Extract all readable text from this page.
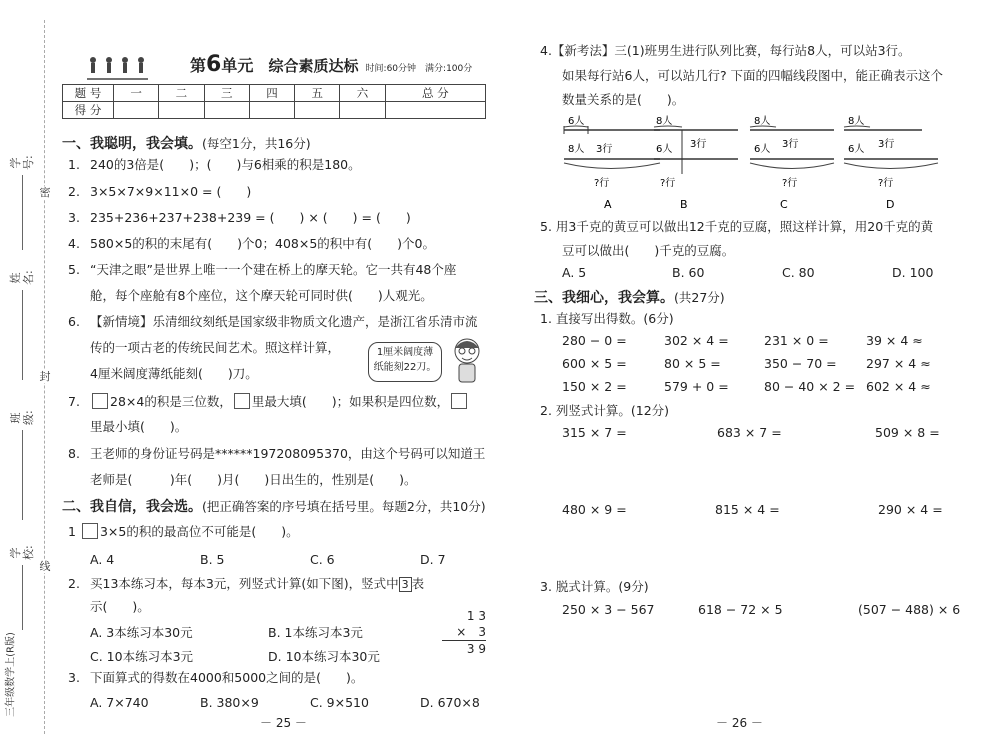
学号:
姓名:
班级:
学校:
密
封
线
三年级数学上(R版)
第6单元 综合素质达标 时间:60分钟　满分:100分
题 号	一	二	三	四	五	六	总 分
得 分							
一、我聪明，我会填。(每空1分，共16分)
1. 240的3倍是(　　)；(　　)与6相乘的积是180。
2. 3×5×7×9×11×0 = (　　)
3. 235+236+237+238+239 = (　　) × (　　) = (　　)
4. 580×5的积的末尾有(　　)个0；408×5的积中有(　　)个0。
5. “天津之眼”是世界上唯一一个建在桥上的摩天轮。它一共有48个座
舱，每个座舱有8个座位，这个摩天轮可同时供(　　)人观光。
6. 【新情境】乐清细纹刻纸是国家级非物质文化遗产，是浙江省乐清市流
传的一项古老的传统民间艺术。照这样计算，
4厘米阔度薄纸能刻(　　)刀。
1厘米阔度薄
纸能刻22刀。
7. 28×4的积是三位数， 里最大填(　　)；如果积是四位数，
里最小填(　　)。
8. 王老师的身份证号码是******197208095370，由这个号码可以知道王
老师是(　　　)年(　　)月(　　)日出生的，性别是(　　)。
二、我自信，我会选。(把正确答案的序号填在括号里。每题2分，共10分)
1 3×5的积的最高位不可能是(　　)。
A. 4	B. 5	C. 6	D. 7
2. 买13本练习本，每本3元，列竖式计算(如下图)，竖式中 3 表
示(　　)。
A. 3本练习本30元	B. 1本练习本3元
C. 10本练习本3元	D. 10本练习本30元
1 3
×　3
3 9
3. 下面算式的得数在4000和5000之间的是(　　)。
A. 7×740	B. 380×9	C. 9×510	D. 670×8
－ 25 －
4.【新考法】三(1)班男生进行队列比赛，每行站8人，可以站3行。
如果每行站6人，可以站几行? 下面的四幅线段图中，能正确表示这个
数量关系的是(　　)。
6人
8人 3行
?行
A
8人
3行
6人
?行
B
8人
3行
6人
?行
C
8人
3行
6人
?行
D
5. 用3千克的黄豆可以做出12千克的豆腐，照这样计算，用20千克的黄
豆可以做出(　　)千克的豆腐。
A. 5	B. 60	C. 80	D. 100
三、我细心，我会算。(共27分)
1. 直接写出得数。(6分)
280 − 0 =	302 × 4 =	231 × 0 =	39 × 4 ≈
600 × 5 =	80 × 5 =	350 − 70 = 297 × 4 ≈
150 × 2 =	579 + 0 =	80 − 40 × 2 = 602 × 4 ≈
2. 列竖式计算。(12分)
315 × 7 =	683 × 7 =	509 × 8 =
480 × 9 =	815 × 4 =	290 × 4 =
3. 脱式计算。(9分)
250 × 3 − 567	618 − 72 × 5	(507 − 488) × 6
－ 26 －
